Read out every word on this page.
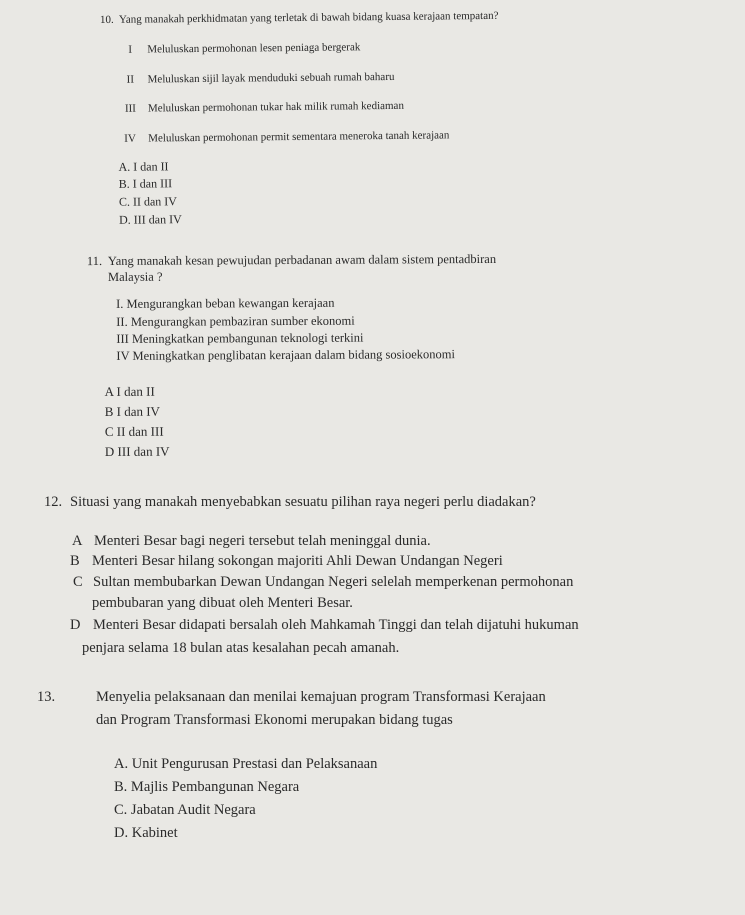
10. Yang manakah perkhidmatan yang terletak di bawah bidang kuasa kerajaan tempatan?
I Meluluskan permohonan lesen peniaga bergerak
II Meluluskan sijil layak menduduki sebuah rumah baharu
III Meluluskan permohonan tukar hak milik rumah kediaman
IV Meluluskan permohonan permit sementara meneroka tanah kerajaan
A. I dan II
B. I dan III
C. II dan IV
D. III dan IV
11. Yang manakah kesan pewujudan perbadanan awam dalam sistem pentadbiran
Malaysia ?
I. Mengurangkan beban kewangan kerajaan
II. Mengurangkan pembaziran sumber ekonomi
III Meningkatkan pembangunan teknologi terkini
IV Meningkatkan penglibatan kerajaan dalam bidang sosioekonomi
A I dan II
B I dan IV
C II dan III
D III dan IV
12. Situasi yang manakah menyebabkan sesuatu pilihan raya negeri perlu diadakan?
A Menteri Besar bagi negeri tersebut telah meninggal dunia.
B Menteri Besar hilang sokongan majoriti Ahli Dewan Undangan Negeri
C Sultan membubarkan Dewan Undangan Negeri selelah memperkenan permohonan
pembubaran yang dibuat oleh Menteri Besar.
D Menteri Besar didapati bersalah oleh Mahkamah Tinggi dan telah dijatuhi hukuman
penjara selama 18 bulan atas kesalahan pecah amanah.
13.	Menyelia pelaksanaan dan menilai kemajuan program Transformasi Kerajaan
dan Program Transformasi Ekonomi merupakan bidang tugas
A. Unit Pengurusan Prestasi dan Pelaksanaan
B. Majlis Pembangunan Negara
C. Jabatan Audit Negara
D. Kabinet
